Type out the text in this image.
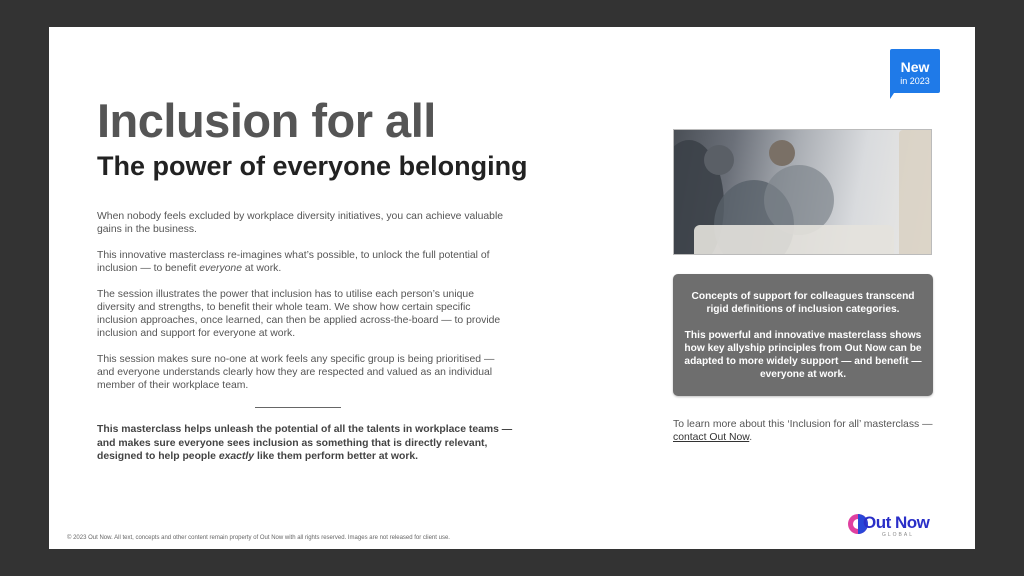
New
in 2023
Inclusion for all
The power of everyone belonging

When nobody feels excluded by workplace diversity initiatives, you can achieve valuable gains in the business.

This innovative masterclass re-imagines what’s possible, to unlock the full potential of inclusion — to benefit everyone at work.

The session illustrates the power that inclusion has to utilise each person’s unique diversity and strengths, to benefit their whole team. We show how certain specific inclusion approaches, once learned, can then be applied across-the-board — to provide inclusion and support for everyone at work.

This session makes sure no-one at work feels any specific group is being prioritised — and everyone understands clearly how they are respected and valued as an individual member of their workplace team.

This masterclass helps unleash the potential of all the talents in workplace teams — and makes sure everyone sees inclusion as something that is directly relevant, designed to help people exactly like them perform better at work.

Concepts of support for colleagues transcend rigid definitions of inclusion categories.

This powerful and innovative masterclass shows how key allyship principles from Out Now can be adapted to more widely support — and benefit — everyone at work.

To learn more about this ‘Inclusion for all’ masterclass — contact Out Now.
© 2023 Out Now. All text, concepts and other content remain property of Out Now with all rights reserved. Images are not released for client use.
Out Now
GLOBAL
